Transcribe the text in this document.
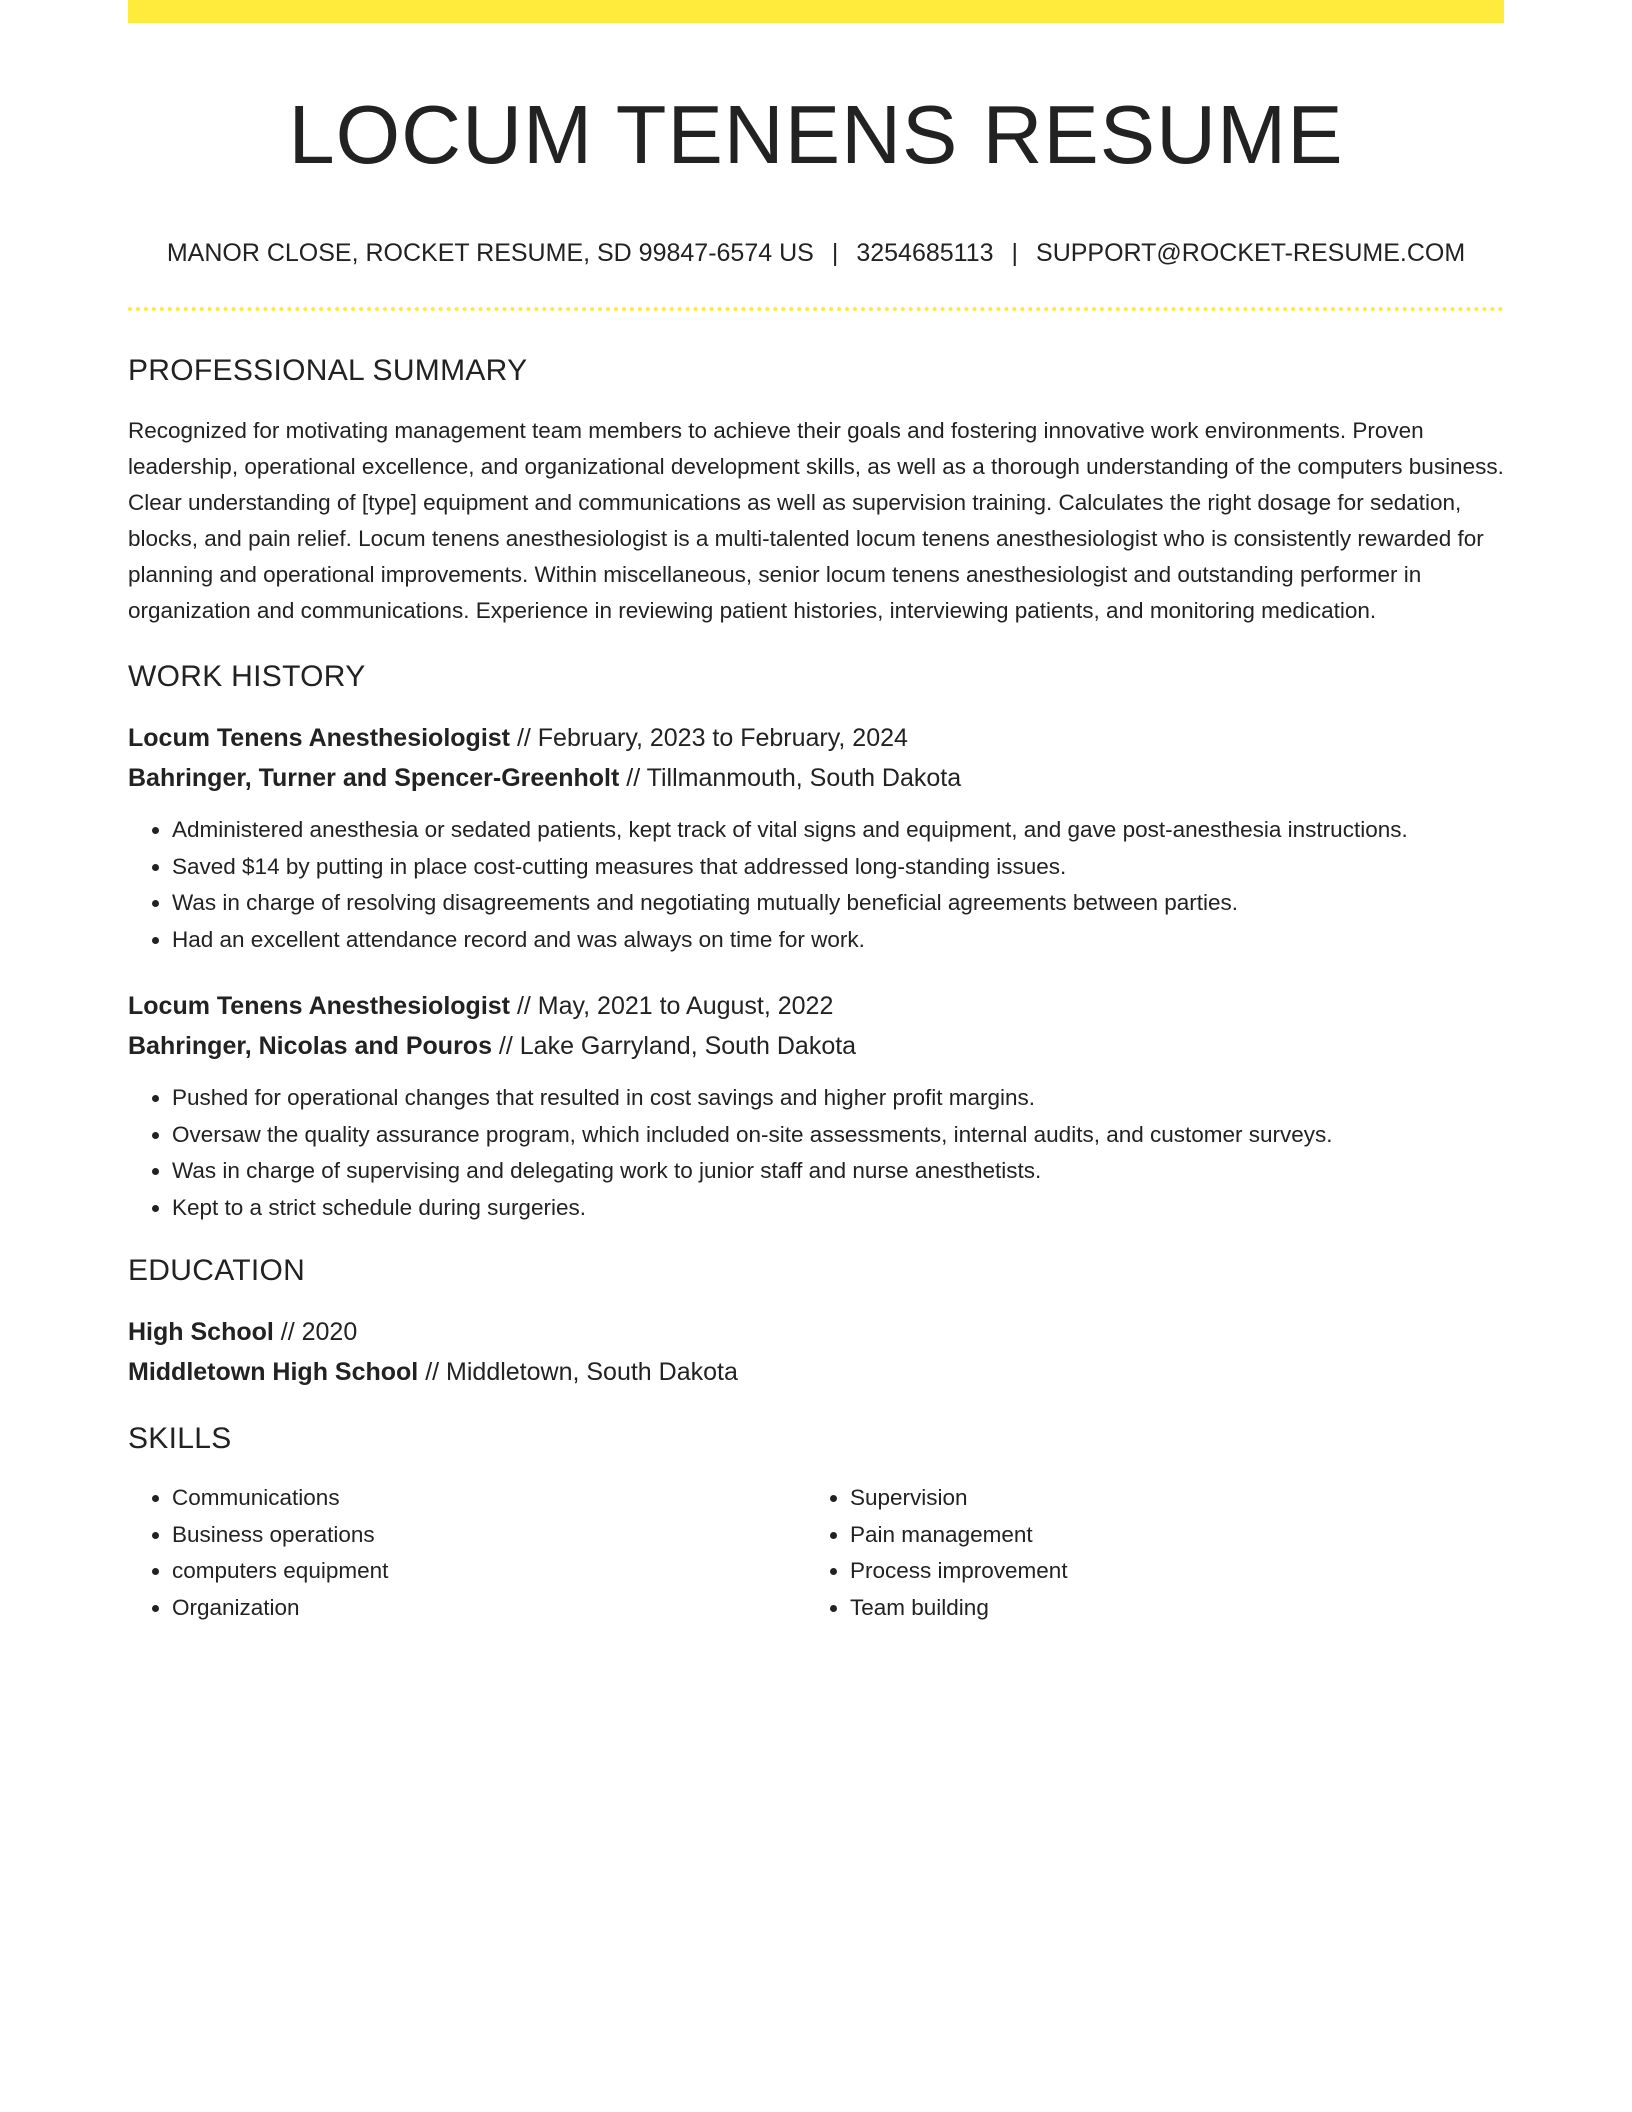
LOCUM TENENS RESUME
MANOR CLOSE, ROCKET RESUME, SD 99847-6574 US | 3254685113 | SUPPORT@ROCKET-RESUME.COM
PROFESSIONAL SUMMARY

Recognized for motivating management team members to achieve their goals and fostering innovative work environments. Proven leadership, operational excellence, and organizational development skills, as well as a thorough understanding of the computers business. Clear understanding of [type] equipment and communications as well as supervision training. Calculates the right dosage for sedation, blocks, and pain relief. Locum tenens anesthesiologist is a multi-talented locum tenens anesthesiologist who is consistently rewarded for planning and operational improvements. Within miscellaneous, senior locum tenens anesthesiologist and outstanding performer in organization and communications. Experience in reviewing patient histories, interviewing patients, and monitoring medication.

WORK HISTORY

Locum Tenens Anesthesiologist // February, 2023 to February, 2024

Bahringer, Turner and Spencer-Greenholt // Tillmanmouth, South Dakota

• Administered anesthesia or sedated patients, kept track of vital signs and equipment, and gave post-anesthesia instructions.
• Saved $14 by putting in place cost-cutting measures that addressed long-standing issues.
• Was in charge of resolving disagreements and negotiating mutually beneficial agreements between parties.
• Had an excellent attendance record and was always on time for work.

Locum Tenens Anesthesiologist // May, 2021 to August, 2022

Bahringer, Nicolas and Pouros // Lake Garryland, South Dakota

• Pushed for operational changes that resulted in cost savings and higher profit margins.
• Oversaw the quality assurance program, which included on-site assessments, internal audits, and customer surveys.
• Was in charge of supervising and delegating work to junior staff and nurse anesthetists.
• Kept to a strict schedule during surgeries.
EDUCATION

High School // 2020

Middletown High School // Middletown, South Dakota

SKILLS
• Communications
• Business operations
• computers equipment
• Organization
• Supervision
• Pain management
• Process improvement
• Team building
